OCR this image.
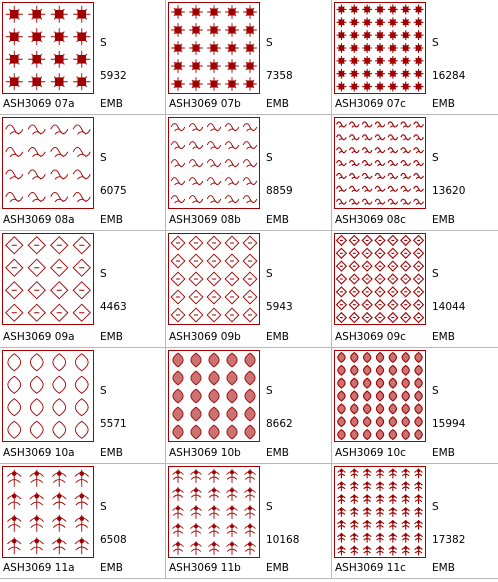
S

5932

ASH3069 07a EMB

S

7358

ASH3069 07b EMB

S

16284

ASH3069 07c EMB

S

6075

ASH3069 08a EMB

S

8859

ASH3069 08b EMB

S

13620

ASH3069 08c EMB

S

4463

ASH3069 09a EMB

S

5943

ASH3069 09b EMB

S

14044

ASH3069 09c EMB

S

5571

ASH3069 10a EMB

S

8662

ASH3069 10b EMB

S

15994

ASH3069 10c EMB

S

6508

ASH3069 11a EMB

S

10168

ASH3069 11b EMB

S

17382

ASH3069 11c EMB
